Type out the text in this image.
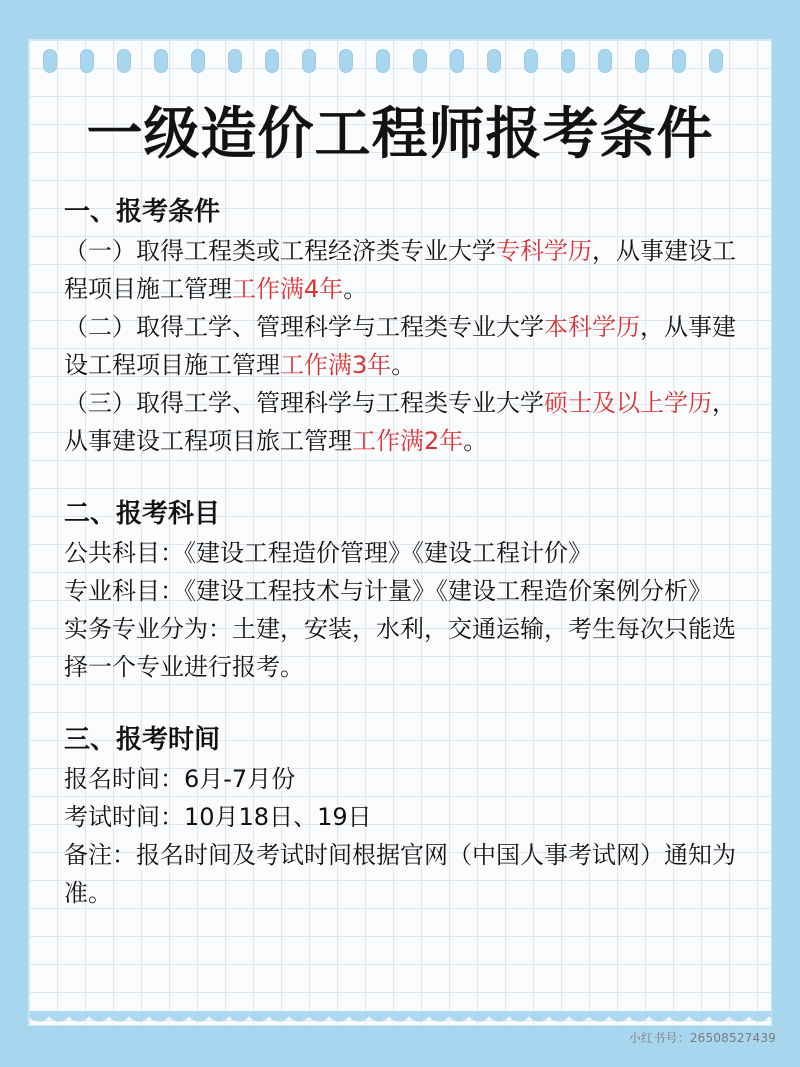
一级造价工程师报考条件
一、报考条件

（一）取得工程类或工程经济类专业大学专科学历，从事建设工程项目施工管理工作满4年。

（二）取得工学、管理科学与工程类专业大学本科学历，从事建设工程项目施工管理工作满3年。

（三）取得工学、管理科学与工程类专业大学硕士及以上学历，从事建设工程项目旅工管理工作满2年。

二、报考科目

公共科目：《建设工程造价管理》《建设工程计价》

专业科目：《建设工程技术与计量》《建设工程造价案例分析》

实务专业分为：土建，安装，水利，交通运输，考生每次只能选择一个专业进行报考。

三、报考时间

报名时间：6月-7月份

考试时间：10月18日、19日

备注：报名时间及考试时间根据官网（中国人事考试网）通知为准。

小红书号：26508527439
